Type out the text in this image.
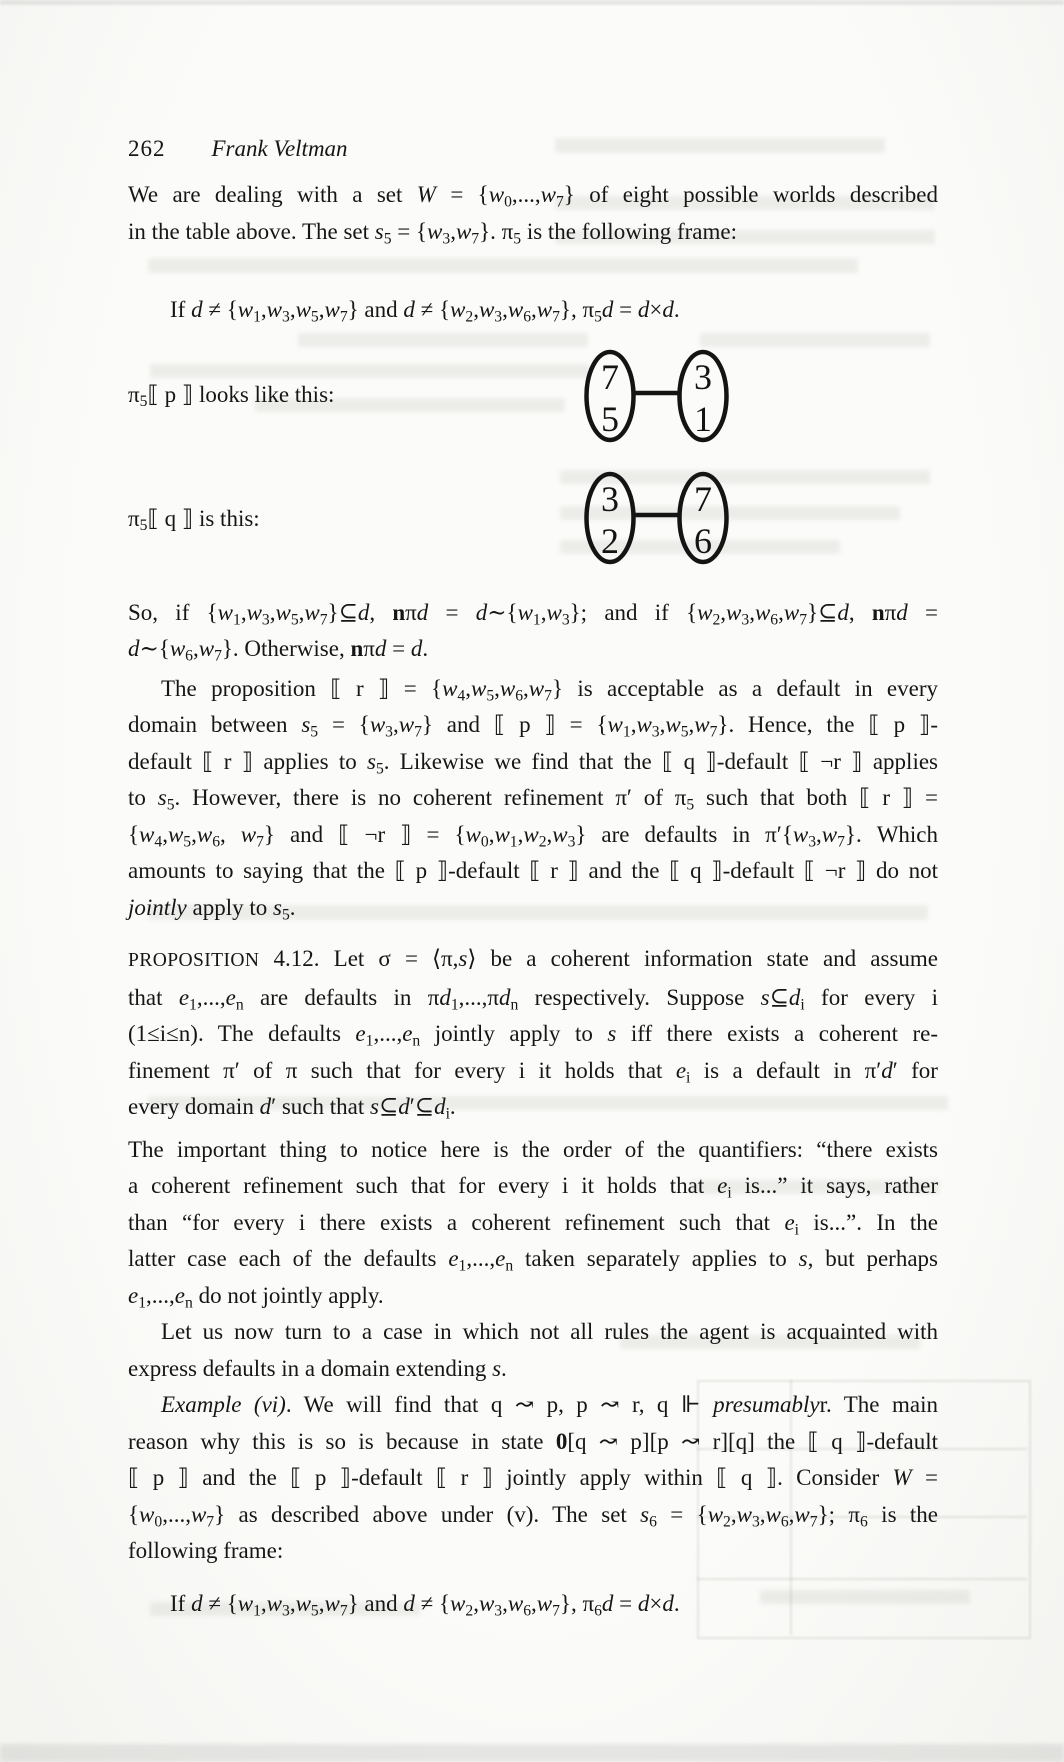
262 Frank Veltman
We are dealing with a set $W = \{w_0,...,w_7\}$ of eight possible worlds described
in the table above. The set $s_5 = \{w_3,w_7\}$. $\pi_5$ is the following frame:
If $d \ne \{w_1,w_3,w_5,w_7\}$ and $d \ne \{w_2,w_3,w_6,w_7\}$, $\pi_5d = d\times d$.
$\pi_5⟦$ p ⟧ looks like this:	7
5
3
1
$\pi_5⟦$ q ⟧ is this:	3
2
7
6
So, if $\{w_1,w_3,w_5,w_7\}⊆d$, $n\pi d = d\sim\{w_1,w_3\}$; and if $\{w_2,w_3,w_6,w_7\}⊆d$, nπd =
$d\sim\{w_6,w_7\}$. Otherwise, nπd = d.
The proposition ⟦ r ⟧ = $\{w_4,w_5,w_6,w_7\}$ is acceptable as a default in every
domain between $s_5 = \{w_3,w_7\}$ and ⟦ p ⟧ = $\{w_1,w_3,w_5,w_7\}$. Hence, the ⟦ p ⟧-
default ⟦ r ⟧ applies to $s_5$. Likewise we find that the ⟦ q ⟧-default ⟦ ¬r ⟧ applies
to $s_5$. However, there is no coherent refinement π′ of $\pi_5$ such that both ⟦ r ⟧ =
{$w_4,w_5,w_6$, $w_7$} and ⟦ ¬r ⟧ = $\{w_0,w_1,w_2,w_3\}$ are defaults in $\pi'\{w_3,w_7\}$. Which
amounts to saying that the ⟦ p ⟧-default ⟦ r ⟧ and the ⟦ q ⟧-default ⟦ ¬r ⟧ do not
jointly apply to $s_5$.
PROPOSITION 4.12. Let σ = ⟨π,s⟩ be a coherent information state and assume
that $e_1,...,e_n$ are defaults in $\pi d_1,...,\pi d_n$ respectively. Suppose $s⊆d_i$ for every i
(1≤i≤n). The defaults $e_1,...,e_n$ jointly apply to s iff there exists a coherent re-
finement π′ of π such that for every i it holds that $e_i$ is a default in π′d′ for
every domain d′ such that $s⊆d'⊆d_i$.
The important thing to notice here is the order of the quantifiers: “there exists
a coherent refinement such that for every i it holds that $e_i$ is...” it says, rather
than “for every i there exists a coherent refinement such that $e_i$ is...”. In the
latter case each of the defaults $e_1,...,e_n$ taken separately applies to s, but perhaps
$e_1,...,e_n$ do not jointly apply.
Let us now turn to a case in which not all rules the agent is acquainted with
express defaults in a domain extending s.
Example (vi). We will find that q ↝ p, p ↝ r, q ⊩ presumablyr. The main
reason why this is so is because in state 0[q ↝ p][p ↝ r][q] the ⟦ q ⟧-default
⟦ p ⟧ and the ⟦ p ⟧-default ⟦ r ⟧ jointly apply within ⟦ q ⟧. Consider W =
$\{w_0,...,w_7\}$ as described above under (v). The set $s_6 = \{w_2,w_3,w_6,w_7\}$; $\pi_6$ is the
following frame:
If $d \ne \{w_1,w_3,w_5,w_7\}$ and $d \ne \{w_2,w_3,w_6,w_7\}$, $\pi_6d = d\times d$.
